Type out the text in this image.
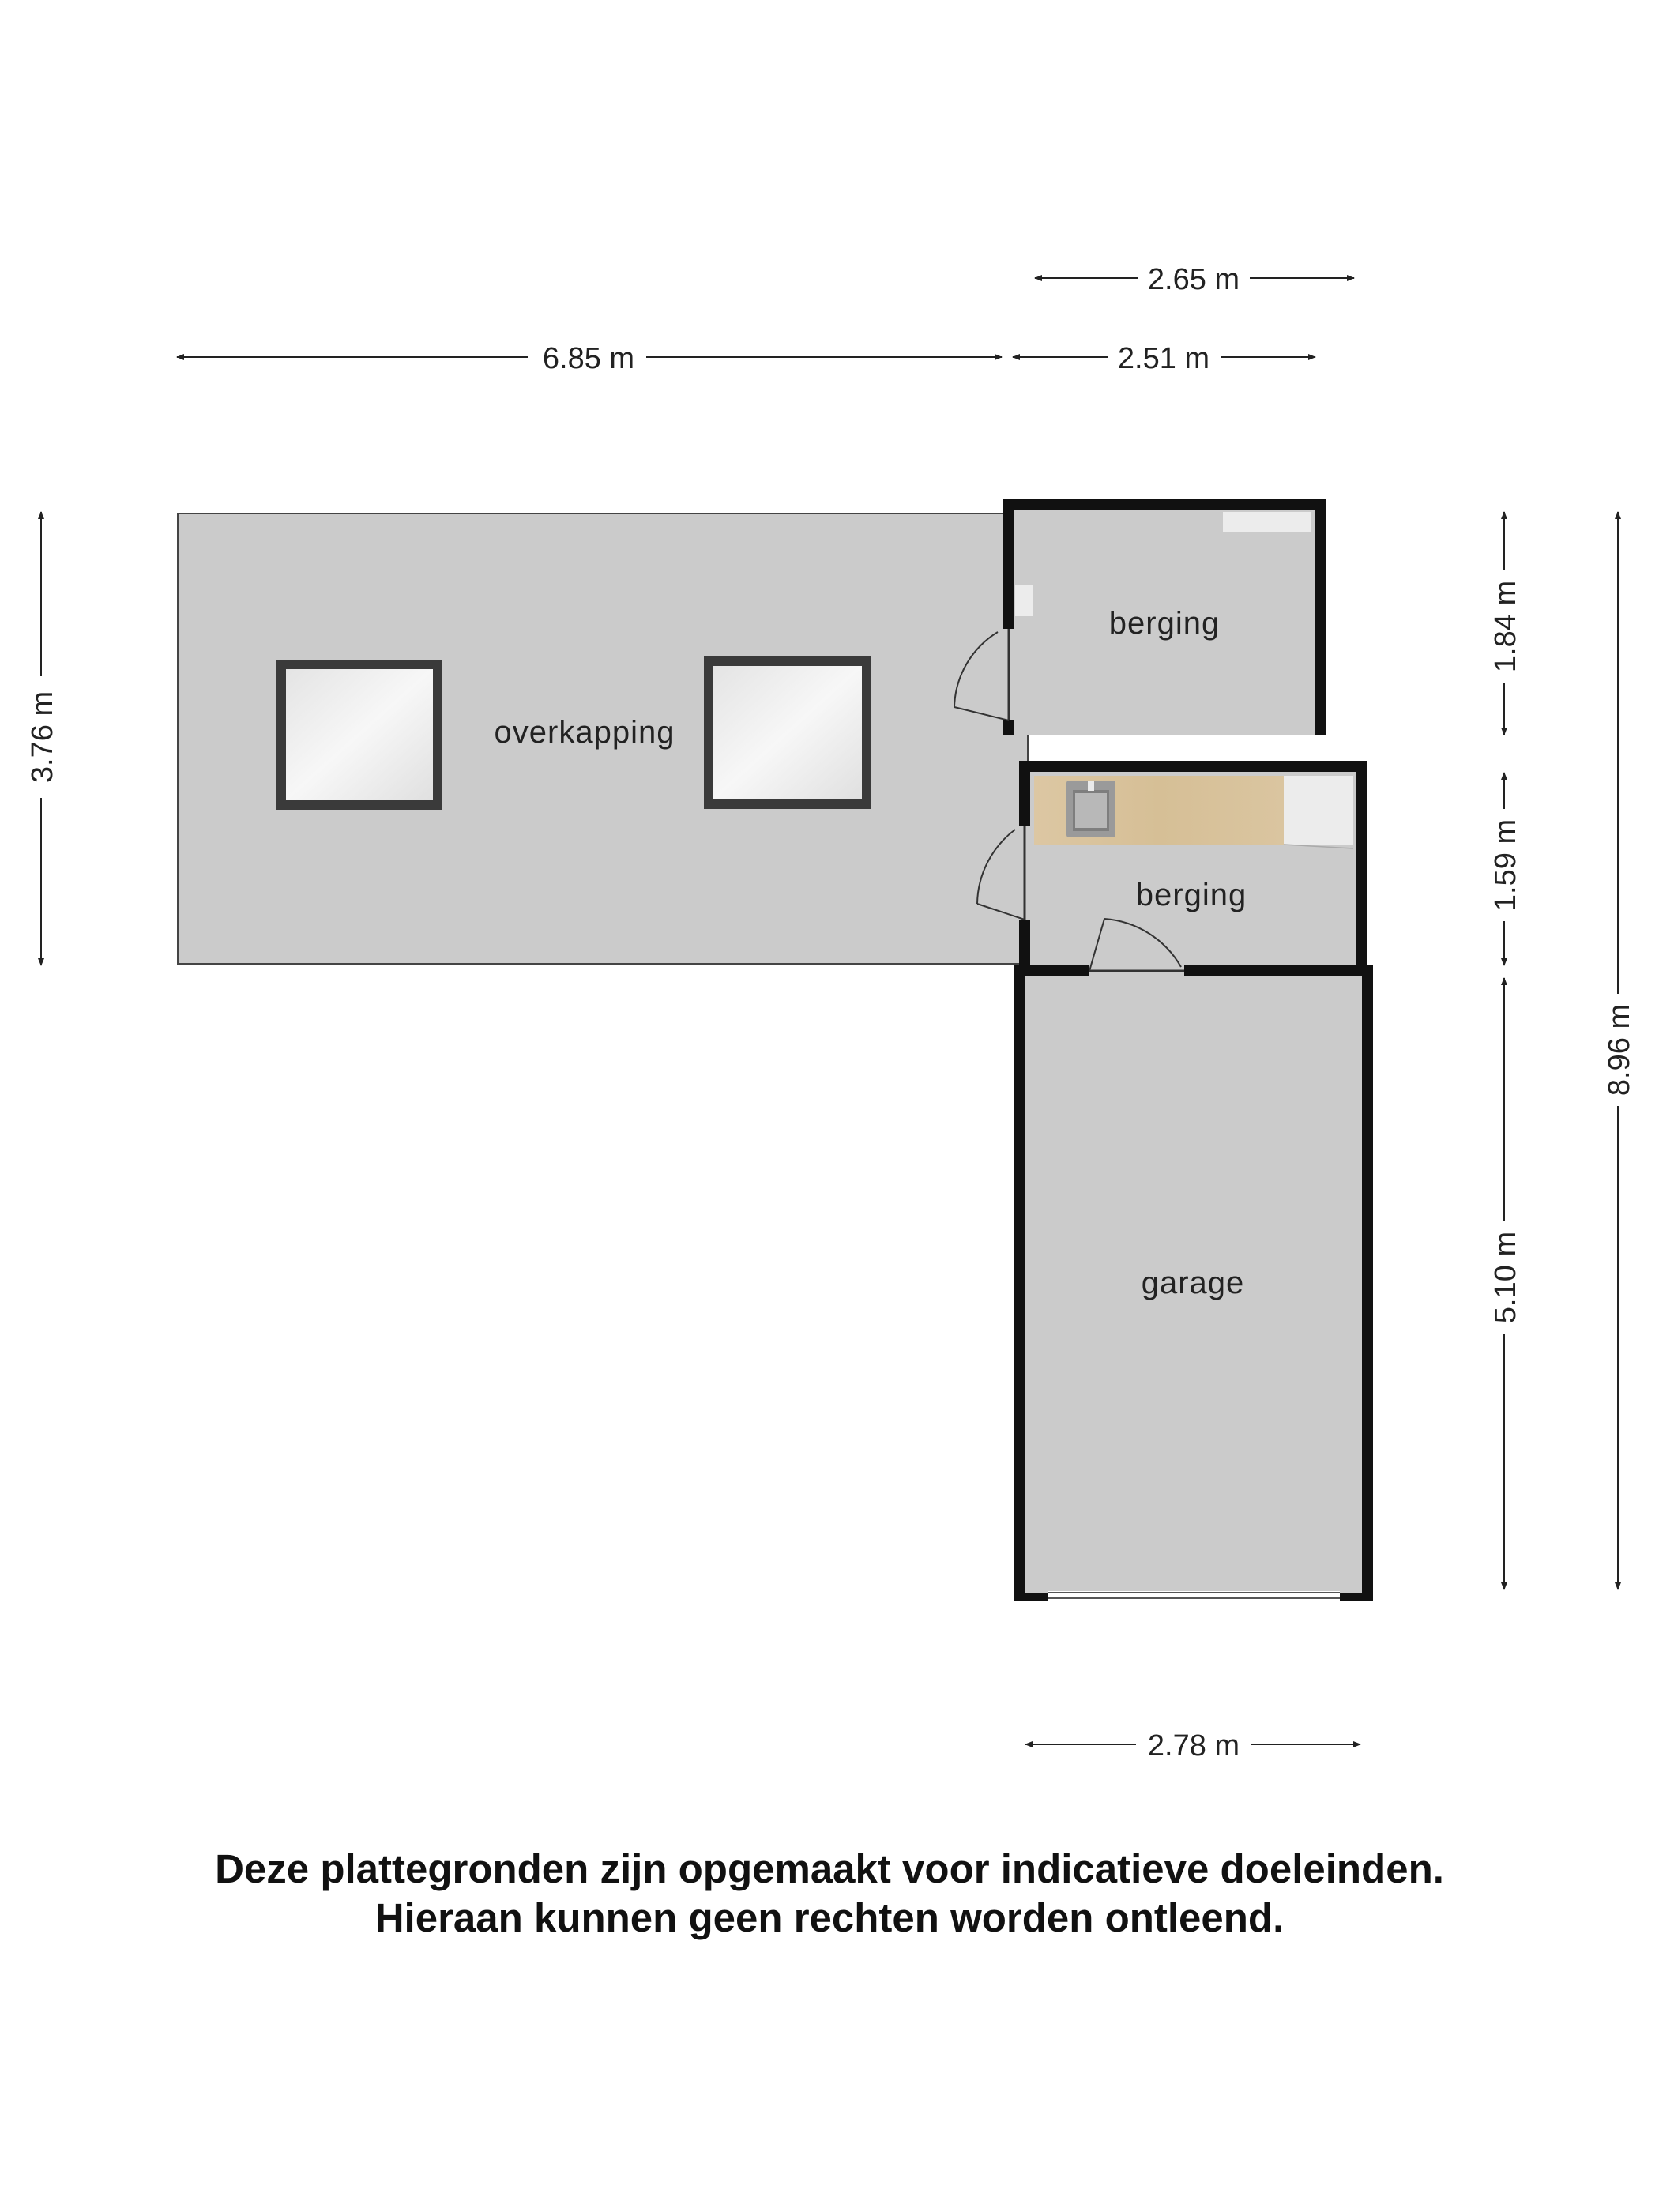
overkapping
berging
berging
garage
2.65 m
6.85 m	2.51 m
3.76 m
1.84 m
1.59 m
5.10 m
8.96 m
2.78 m
Deze plattegronden zijn opgemaakt voor indicatieve doeleinden.
Hieraan kunnen geen rechten worden ontleend.
